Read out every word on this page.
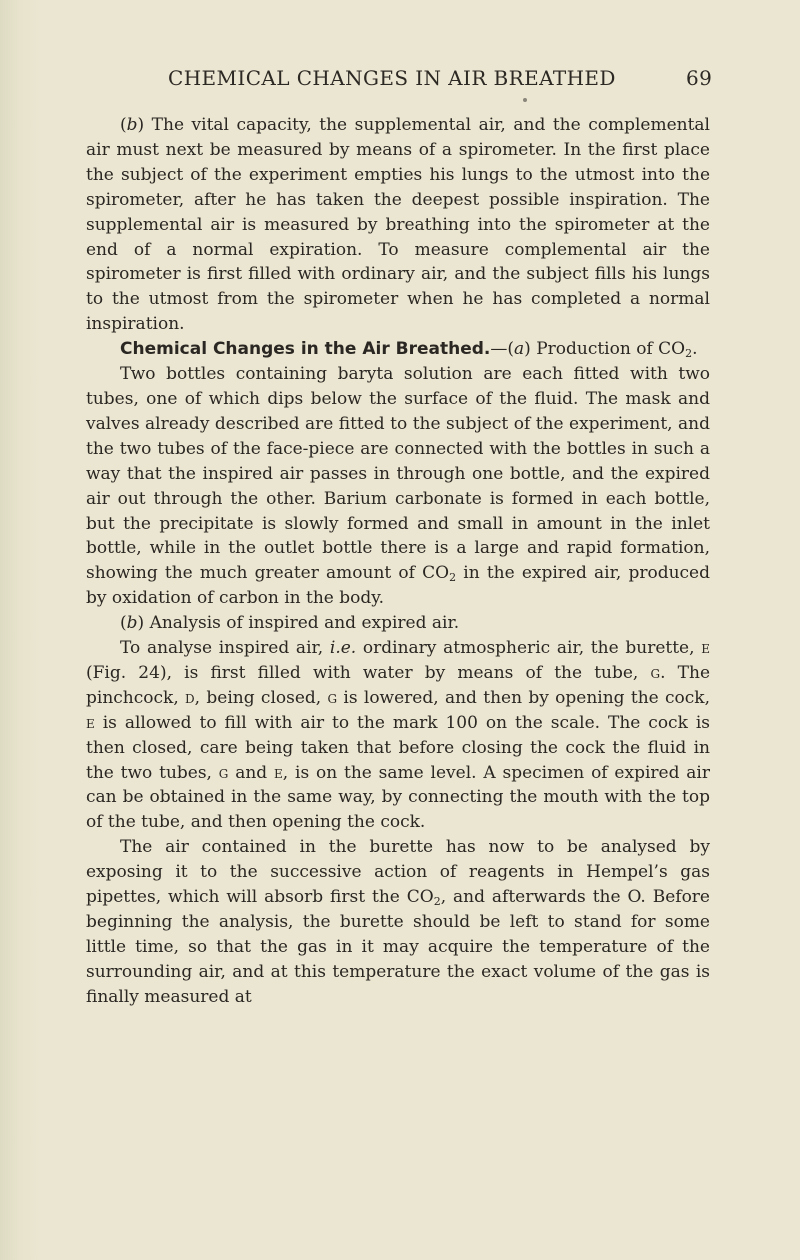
CHEMICAL CHANGES IN AIR BREATHED	69

(b) The vital capacity, the supplemental air, and the complemental air must next be measured by means of a spirometer. In the first place the subject of the experiment empties his lungs to the utmost into the spirometer, after he has taken the deepest possible inspiration. The supplemental air is measured by breathing into the spirometer at the end of a normal expiration. To measure complemental air the spirometer is first filled with ordinary air, and the subject fills his lungs to the utmost from the spirometer when he has completed a normal inspiration.

Chemical Changes in the Air Breathed.—(a) Production of $CO_2$.

Two bottles containing baryta solution are each fitted with two tubes, one of which dips below the surface of the fluid. The mask and valves already described are fitted to the subject of the experiment, and the two tubes of the face-piece are connected with the bottles in such a way that the inspired air passes in through one bottle, and the expired air out through the other. Barium carbonate is formed in each bottle, but the precipitate is slowly formed and small in amount in the inlet bottle, while in the outlet bottle there is a large and rapid formation, showing the much greater amount of $CO_2$ in the expired air, produced by oxidation of carbon in the body.

(b) Analysis of inspired and expired air.

To analyse inspired air, i.e. ordinary atmospheric air, the burette, e (Fig. 24), is first filled with water by means of the tube, g. The pinchcock, d, being closed, g is lowered, and then by opening the cock, e is allowed to fill with air to the mark 100 on the scale. The cock is then closed, care being taken that before closing the cock the fluid in the two tubes, g and e, is on the same level. A specimen of expired air can be obtained in the same way, by connecting the mouth with the top of the tube, and then opening the cock.

The air contained in the burette has now to be analysed by exposing it to the successive action of reagents in Hempel’s gas pipettes, which will absorb first the $CO_2$, and afterwards the O. Before beginning the analysis, the burette should be left to stand for some little time, so that the gas in it may acquire the temperature of the surrounding air, and at this temperature the exact volume of the gas is finally measured at
